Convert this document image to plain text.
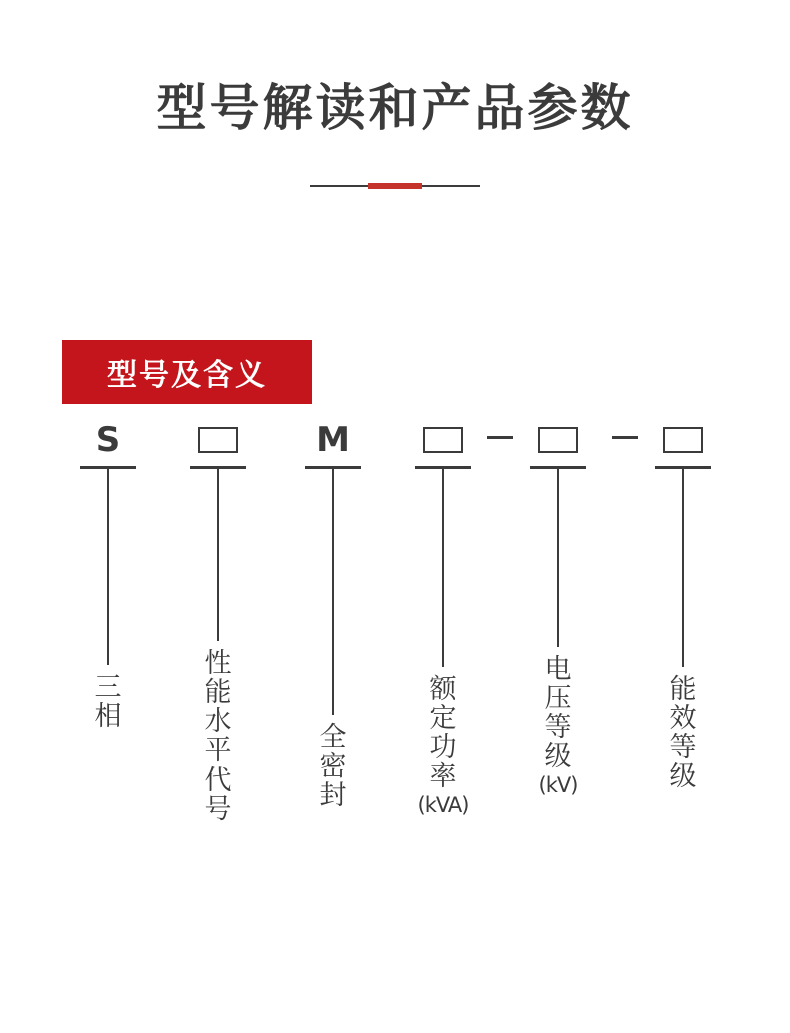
型号解读和产品参数
型号及含义
S
三
相
性
能
水
平
代
号
M
全
密
封
额
定
功
率
(kVA)
电
压
等
级
(kV)
能
效
等
级
